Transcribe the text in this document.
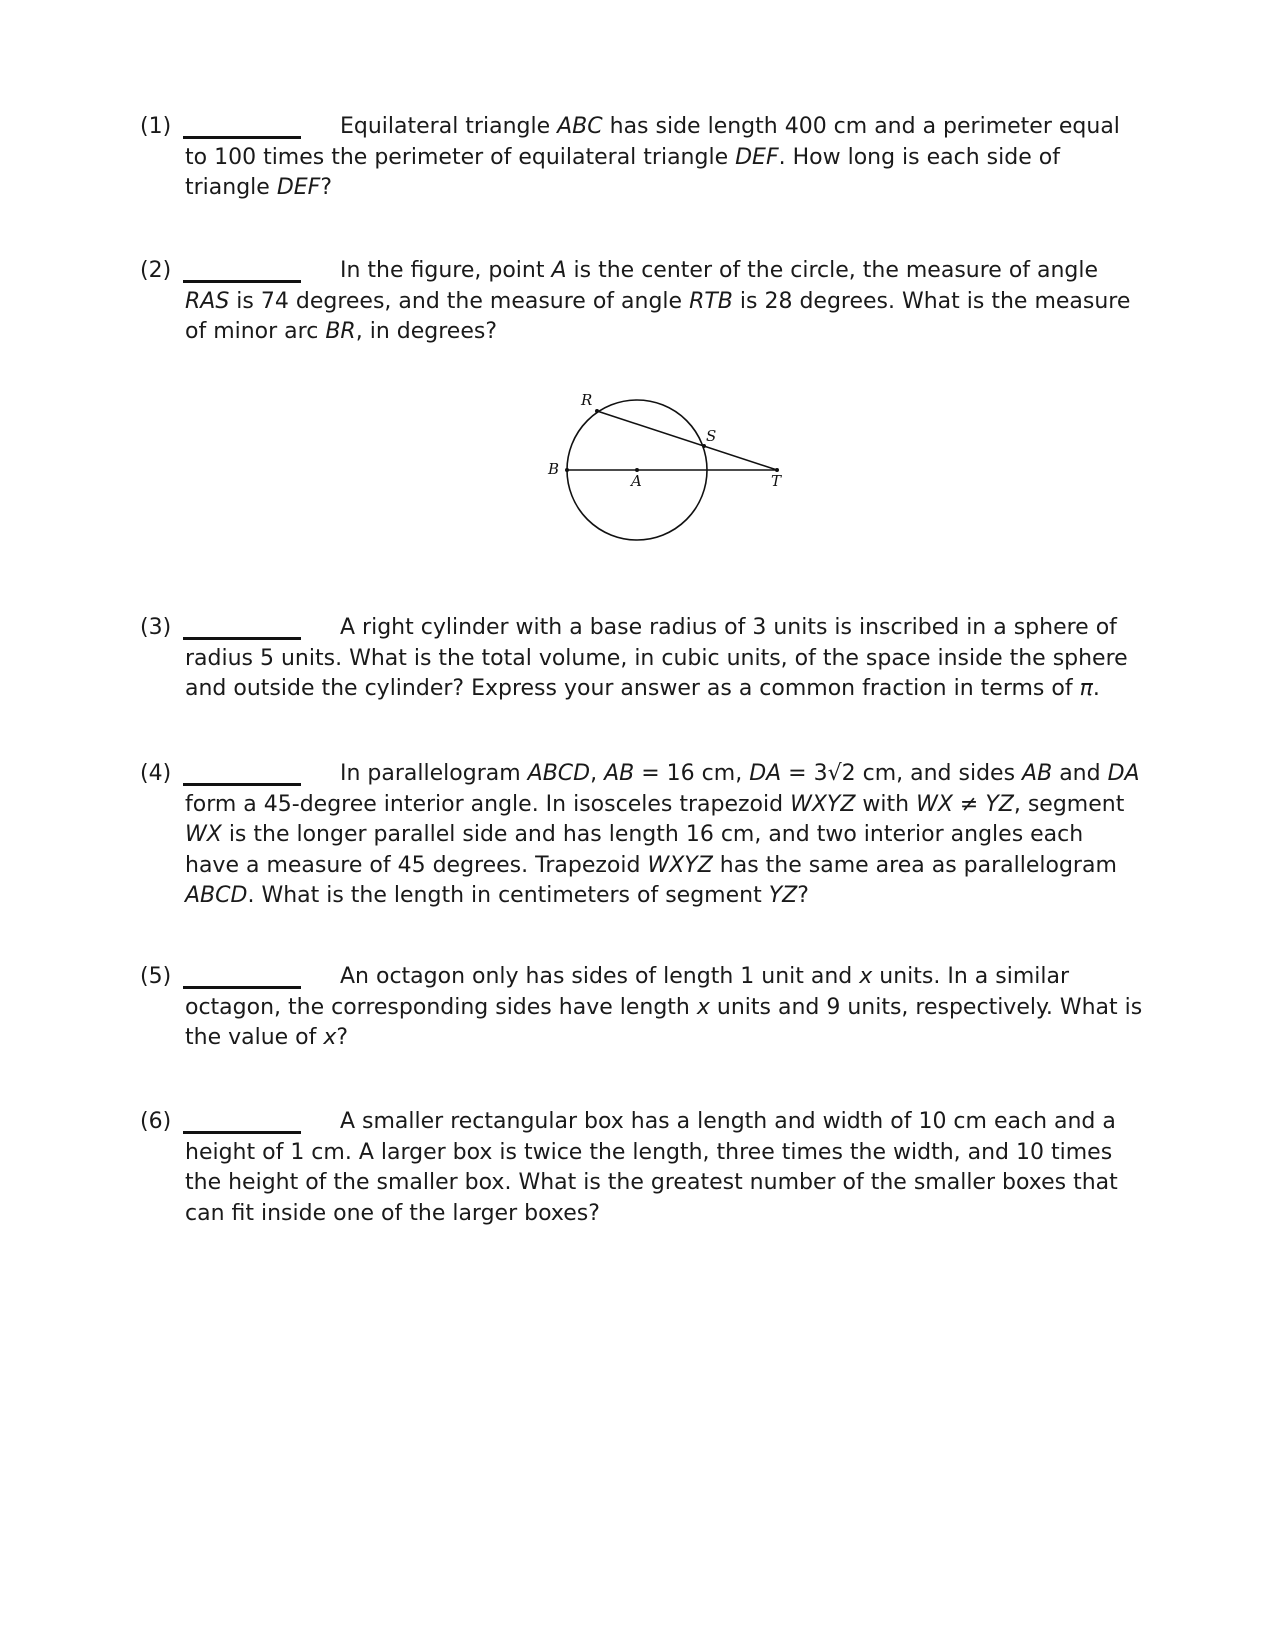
(1)	Equilateral triangle ABC has side length 400 cm and a perimeter equal to 100 times the perimeter of equilateral triangle DEF. How long is each side of triangle DEF?

(2)	In the figure, point A is the center of the circle, the measure of angle RAS is 74 degrees, and the measure of angle RTB is 28 degrees. What is the measure of minor arc BR, in degrees?

R
S
B
A	T
(3)	A right cylinder with a base radius of 3 units is inscribed in a sphere of radius 5 units. What is the total volume, in cubic units, of the space inside the sphere and outside the cylinder? Express your answer as a common fraction in terms of π.

(4)	In parallelogram ABCD, AB = 16 cm, DA = 3√2 cm, and sides AB and DA form a 45-degree interior angle. In isosceles trapezoid WXYZ with WX ≠ YZ, segment WX is the longer parallel side and has length 16 cm, and two interior angles each have a measure of 45 degrees. Trapezoid WXYZ has the same area as parallelogram ABCD. What is the length in centimeters of segment YZ?

(5)	An octagon only has sides of length 1 unit and x units. In a similar octagon, the corresponding sides have length x units and 9 units, respectively. What is the value of x?

(6)	A smaller rectangular box has a length and width of 10 cm each and a height of 1 cm. A larger box is twice the length, three times the width, and 10 times the height of the smaller box. What is the greatest number of the smaller boxes that can fit inside one of the larger boxes?
